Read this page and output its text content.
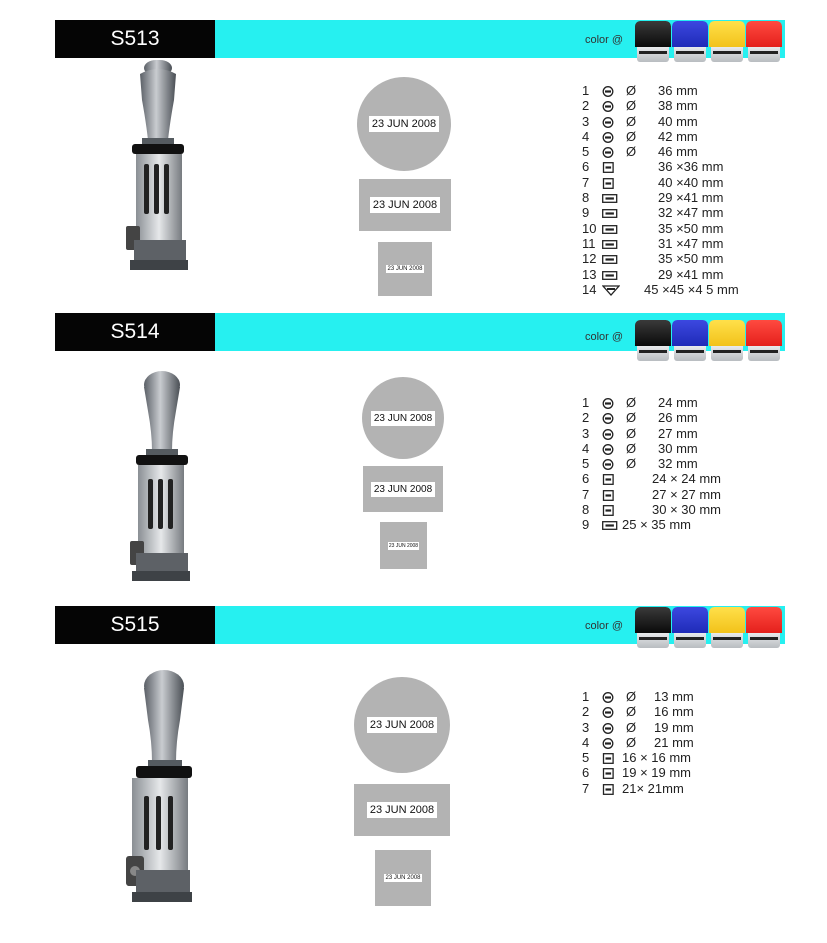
S513	color @
23 JUN 2008
23 JUN 2008
23 JUN 2008
1	Ø 36 mm
2	Ø 38 mm
3	Ø 40 mm
4	Ø 42 mm
5	Ø 46 mm
6	36 ×36 mm
7	40 ×40 mm
8	29 ×41 mm
9	32 ×47 mm
10	35 ×50 mm
11	31 ×47 mm
12	35 ×50 mm
13	29 ×41 mm
14	45 ×45 ×4 5 mm
S514	color @
23 JUN 2008
23 JUN 2008
23 JUN 2008
1	Ø 24 mm
2	Ø 26 mm
3	Ø 27 mm
4	Ø 30 mm
5	Ø 32 mm
6	24 × 24 mm
7	27 × 27 mm
8	30 × 30 mm
9	25 × 35 mm
S515	color @
23 JUN 2008
23 JUN 2008
23 JUN 2008
1	Ø 13 mm
2	Ø 16 mm
3	Ø 19 mm
4	Ø 21 mm
5	16 × 16 mm
6	19 × 19 mm
7	21× 21mm
